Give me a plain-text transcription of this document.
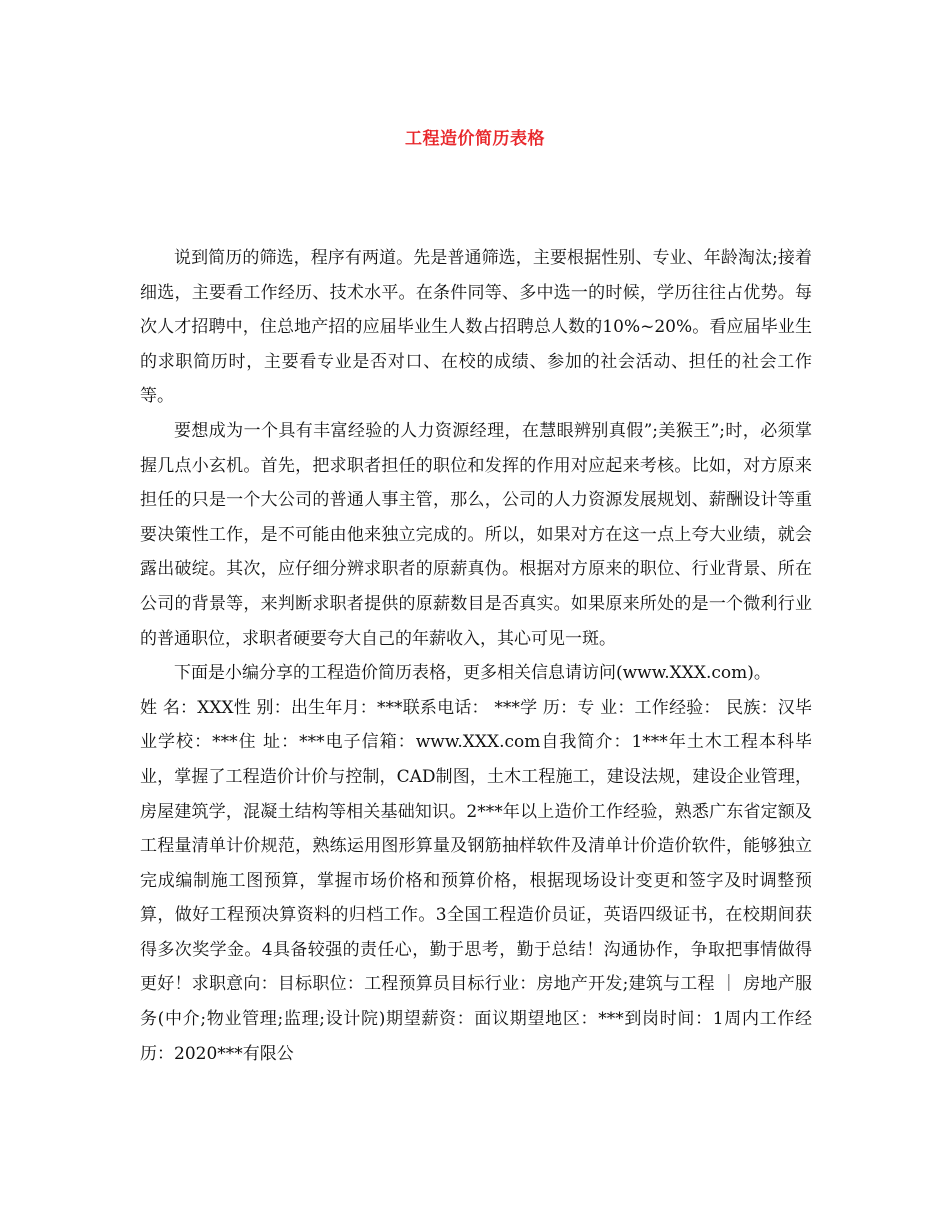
工程造价简历表格

说到简历的筛选，程序有两道。先是普通筛选，主要根据性别、专业、年龄淘汰;接着细选，主要看工作经历、技术水平。在条件同等、多中选一的时候，学历往往占优势。每次人才招聘中，住总地产招的应届毕业生人数占招聘总人数的10%~20%。看应届毕业生的求职简历时，主要看专业是否对口、在校的成绩、参加的社会活动、担任的社会工作等。

要想成为一个具有丰富经验的人力资源经理，在慧眼辨别真假”;美猴王”;时，必须掌握几点小玄机。首先，把求职者担任的职位和发挥的作用对应起来考核。比如，对方原来担任的只是一个大公司的普通人事主管，那么，公司的人力资源发展规划、薪酬设计等重要决策性工作，是不可能由他来独立完成的。所以，如果对方在这一点上夸大业绩，就会露出破绽。其次，应仔细分辨求职者的原薪真伪。根据对方原来的职位、行业背景、所在公司的背景等，来判断求职者提供的原薪数目是否真实。如果原来所处的是一个微利行业的普通职位，求职者硬要夸大自己的年薪收入，其心可见一斑。

下面是小编分享的工程造价简历表格，更多相关信息请访问(www.XXX.com)。

姓 名：XXX性 别：出生年月：***联系电话： ***学 历：专 业：工作经验： 民族：汉毕业学校：***住 址：***电子信箱：www.XXX.com自我简介：1***年土木工程本科毕业，掌握了工程造价计价与控制，CAD制图，土木工程施工，建设法规，建设企业管理，房屋建筑学，混凝土结构等相关基础知识。2***年以上造价工作经验，熟悉广东省定额及工程量清单计价规范，熟练运用图形算量及钢筋抽样软件及清单计价造价软件，能够独立完成编制施工图预算，掌握市场价格和预算价格，根据现场设计变更和签字及时调整预算，做好工程预决算资料的归档工作。3全国工程造价员证，英语四级证书，在校期间获得多次奖学金。4具备较强的责任心，勤于思考，勤于总结！沟通协作，争取把事情做得更好！求职意向：目标职位：工程预算员目标行业：房地产开发;建筑与工程 ｜ 房地产服务(中介;物业管理;监理;设计院)期望薪资：面议期望地区：***到岗时间：1周内工作经历：2020***有限公
